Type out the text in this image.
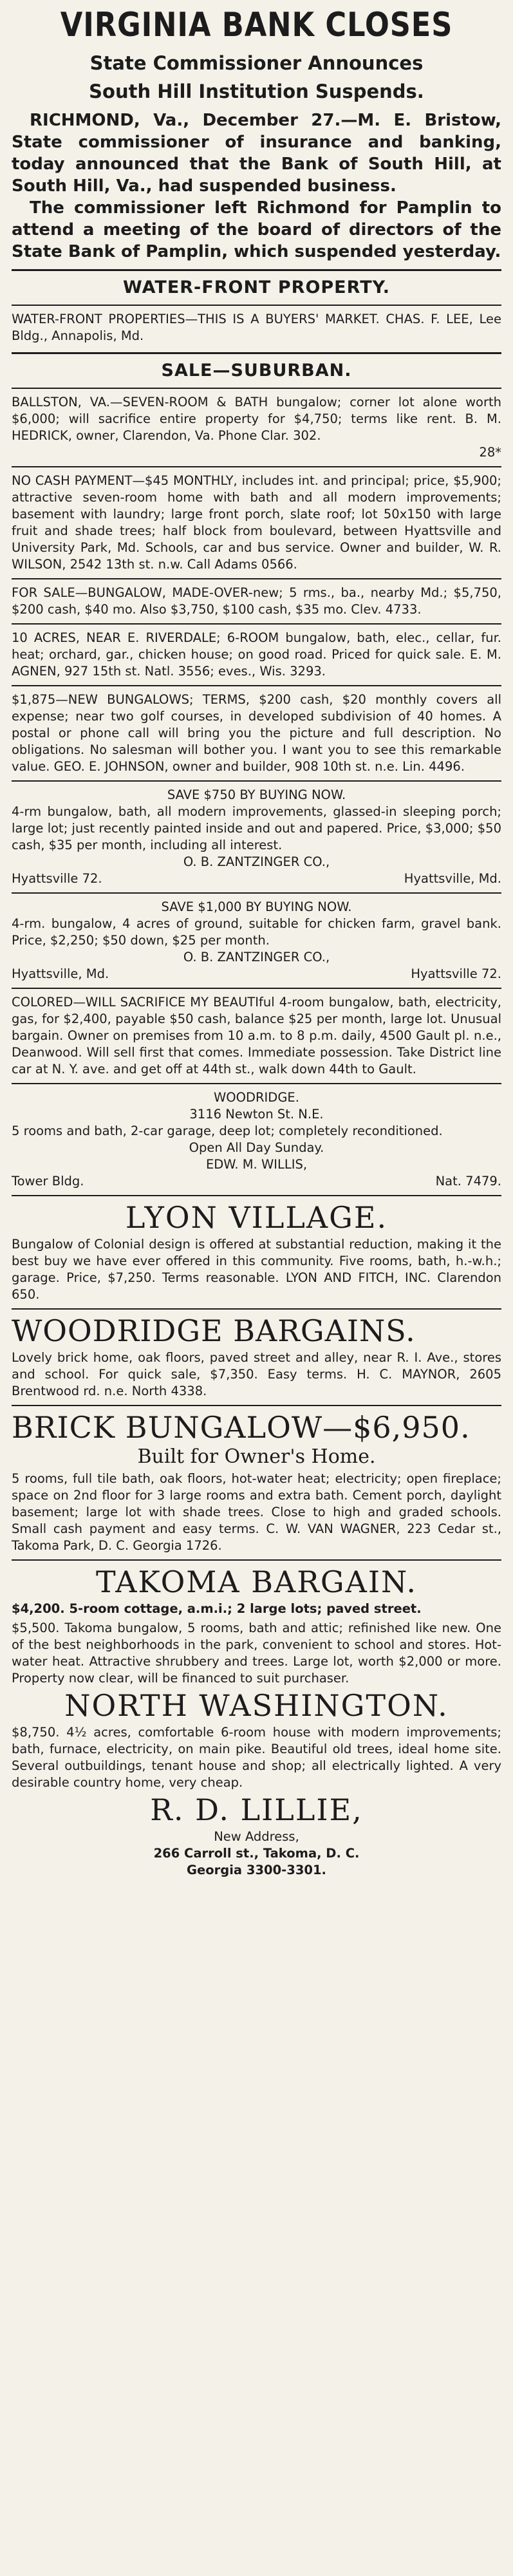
VIRGINIA BANK CLOSES
State Commissioner Announces
South Hill Institution Suspends.

RICHMOND, Va., December 27.—M. E. Bristow, State commissioner of insurance and banking, today announced that the Bank of South Hill, at South Hill, Va., had suspended business.

The commissioner left Richmond for Pamplin to attend a meeting of the board of directors of the State Bank of Pamplin, which suspended yesterday.

WATER-FRONT PROPERTY.
WATER-FRONT PROPERTIES—THIS IS A BUYERS' MARKET. CHAS. F. LEE, Lee Bldg., Annapolis, Md.
SALE—SUBURBAN.
BALLSTON, VA.—SEVEN-ROOM & BATH bungalow; corner lot alone worth $6,000; will sacrifice entire property for $4,750; terms like rent. B. M. HEDRICK, owner, Clarendon, Va. Phone Clar. 302.
28*
NO CASH PAYMENT—$45 MONTHLY, includes int. and principal; price, $5,900; attractive seven-room home with bath and all modern improvements; basement with laundry; large front porch, slate roof; lot 50x150 with large fruit and shade trees; half block from boulevard, between Hyattsville and University Park, Md. Schools, car and bus service. Owner and builder, W. R. WILSON, 2542 13th st. n.w. Call Adams 0566.
FOR SALE—BUNGALOW, MADE-OVER-new; 5 rms., ba., nearby Md.; $5,750, $200 cash, $40 mo. Also $3,750, $100 cash, $35 mo. Clev. 4733.
10 ACRES, NEAR E. RIVERDALE; 6-ROOM bungalow, bath, elec., cellar, fur. heat; orchard, gar., chicken house; on good road. Priced for quick sale. E. M. AGNEN, 927 15th st. Natl. 3556; eves., Wis. 3293.
$1,875—NEW BUNGALOWS; TERMS, $200 cash, $20 monthly covers all expense; near two golf courses, in developed subdivision of 40 homes. A postal or phone call will bring you the picture and full description. No obligations. No salesman will bother you. I want you to see this remarkable value. GEO. E. JOHNSON, owner and builder, 908 10th st. n.e. Lin. 4496.
SAVE $750 BY BUYING NOW.
4-rm bungalow, bath, all modern improvements, glassed-in sleeping porch; large lot; just recently painted inside and out and papered. Price, $3,000; $50 cash, $35 per month, including all interest.
O. B. ZANTZINGER CO.,
Hyattsville 72.	Hyattsville, Md.
SAVE $1,000 BY BUYING NOW.
4-rm. bungalow, 4 acres of ground, suitable for chicken farm, gravel bank. Price, $2,250; $50 down, $25 per month.
O. B. ZANTZINGER CO.,
Hyattsville, Md.	Hyattsville 72.
COLORED—WILL SACRIFICE MY BEAUTIful 4-room bungalow, bath, electricity, gas, for $2,400, payable $50 cash, balance $25 per month, large lot. Unusual bargain. Owner on premises from 10 a.m. to 8 p.m. daily, 4500 Gault pl. n.e., Deanwood. Will sell first that comes. Immediate possession. Take District line car at N. Y. ave. and get off at 44th st., walk down 44th to Gault.
WOODRIDGE.
3116 Newton St. N.E.
5 rooms and bath, 2-car garage, deep lot; completely reconditioned.
Open All Day Sunday.
EDW. M. WILLIS,
Tower Bldg.	Nat. 7479.
LYON VILLAGE.
Bungalow of Colonial design is offered at substantial reduction, making it the best buy we have ever offered in this community. Five rooms, bath, h.-w.h.; garage. Price, $7,250. Terms reasonable. LYON AND FITCH, INC. Clarendon 650.
WOODRIDGE BARGAINS.
Lovely brick home, oak floors, paved street and alley, near R. I. Ave., stores and school. For quick sale, $7,350. Easy terms. H. C. MAYNOR, 2605 Brentwood rd. n.e. North 4338.
BRICK BUNGALOW—$6,950.
Built for Owner's Home.
5 rooms, full tile bath, oak floors, hot-water heat; electricity; open fireplace; space on 2nd floor for 3 large rooms and extra bath. Cement porch, daylight basement; large lot with shade trees. Close to high and graded schools. Small cash payment and easy terms. C. W. VAN WAGNER, 223 Cedar st., Takoma Park, D. C. Georgia 1726.
TAKOMA BARGAIN.
$4,200. 5-room cottage, a.m.i.; 2 large lots; paved street.
$5,500. Takoma bungalow, 5 rooms, bath and attic; refinished like new. One of the best neighborhoods in the park, convenient to school and stores. Hot-water heat. Attractive shrubbery and trees. Large lot, worth $2,000 or more. Property now clear, will be financed to suit purchaser.
NORTH WASHINGTON.
$8,750. 4½ acres, comfortable 6-room house with modern improvements; bath, furnace, electricity, on main pike. Beautiful old trees, ideal home site. Several outbuildings, tenant house and shop; all electrically lighted. A very desirable country home, very cheap.
R. D. LILLIE,
New Address,
266 Carroll st., Takoma, D. C.
Georgia 3300-3301.
